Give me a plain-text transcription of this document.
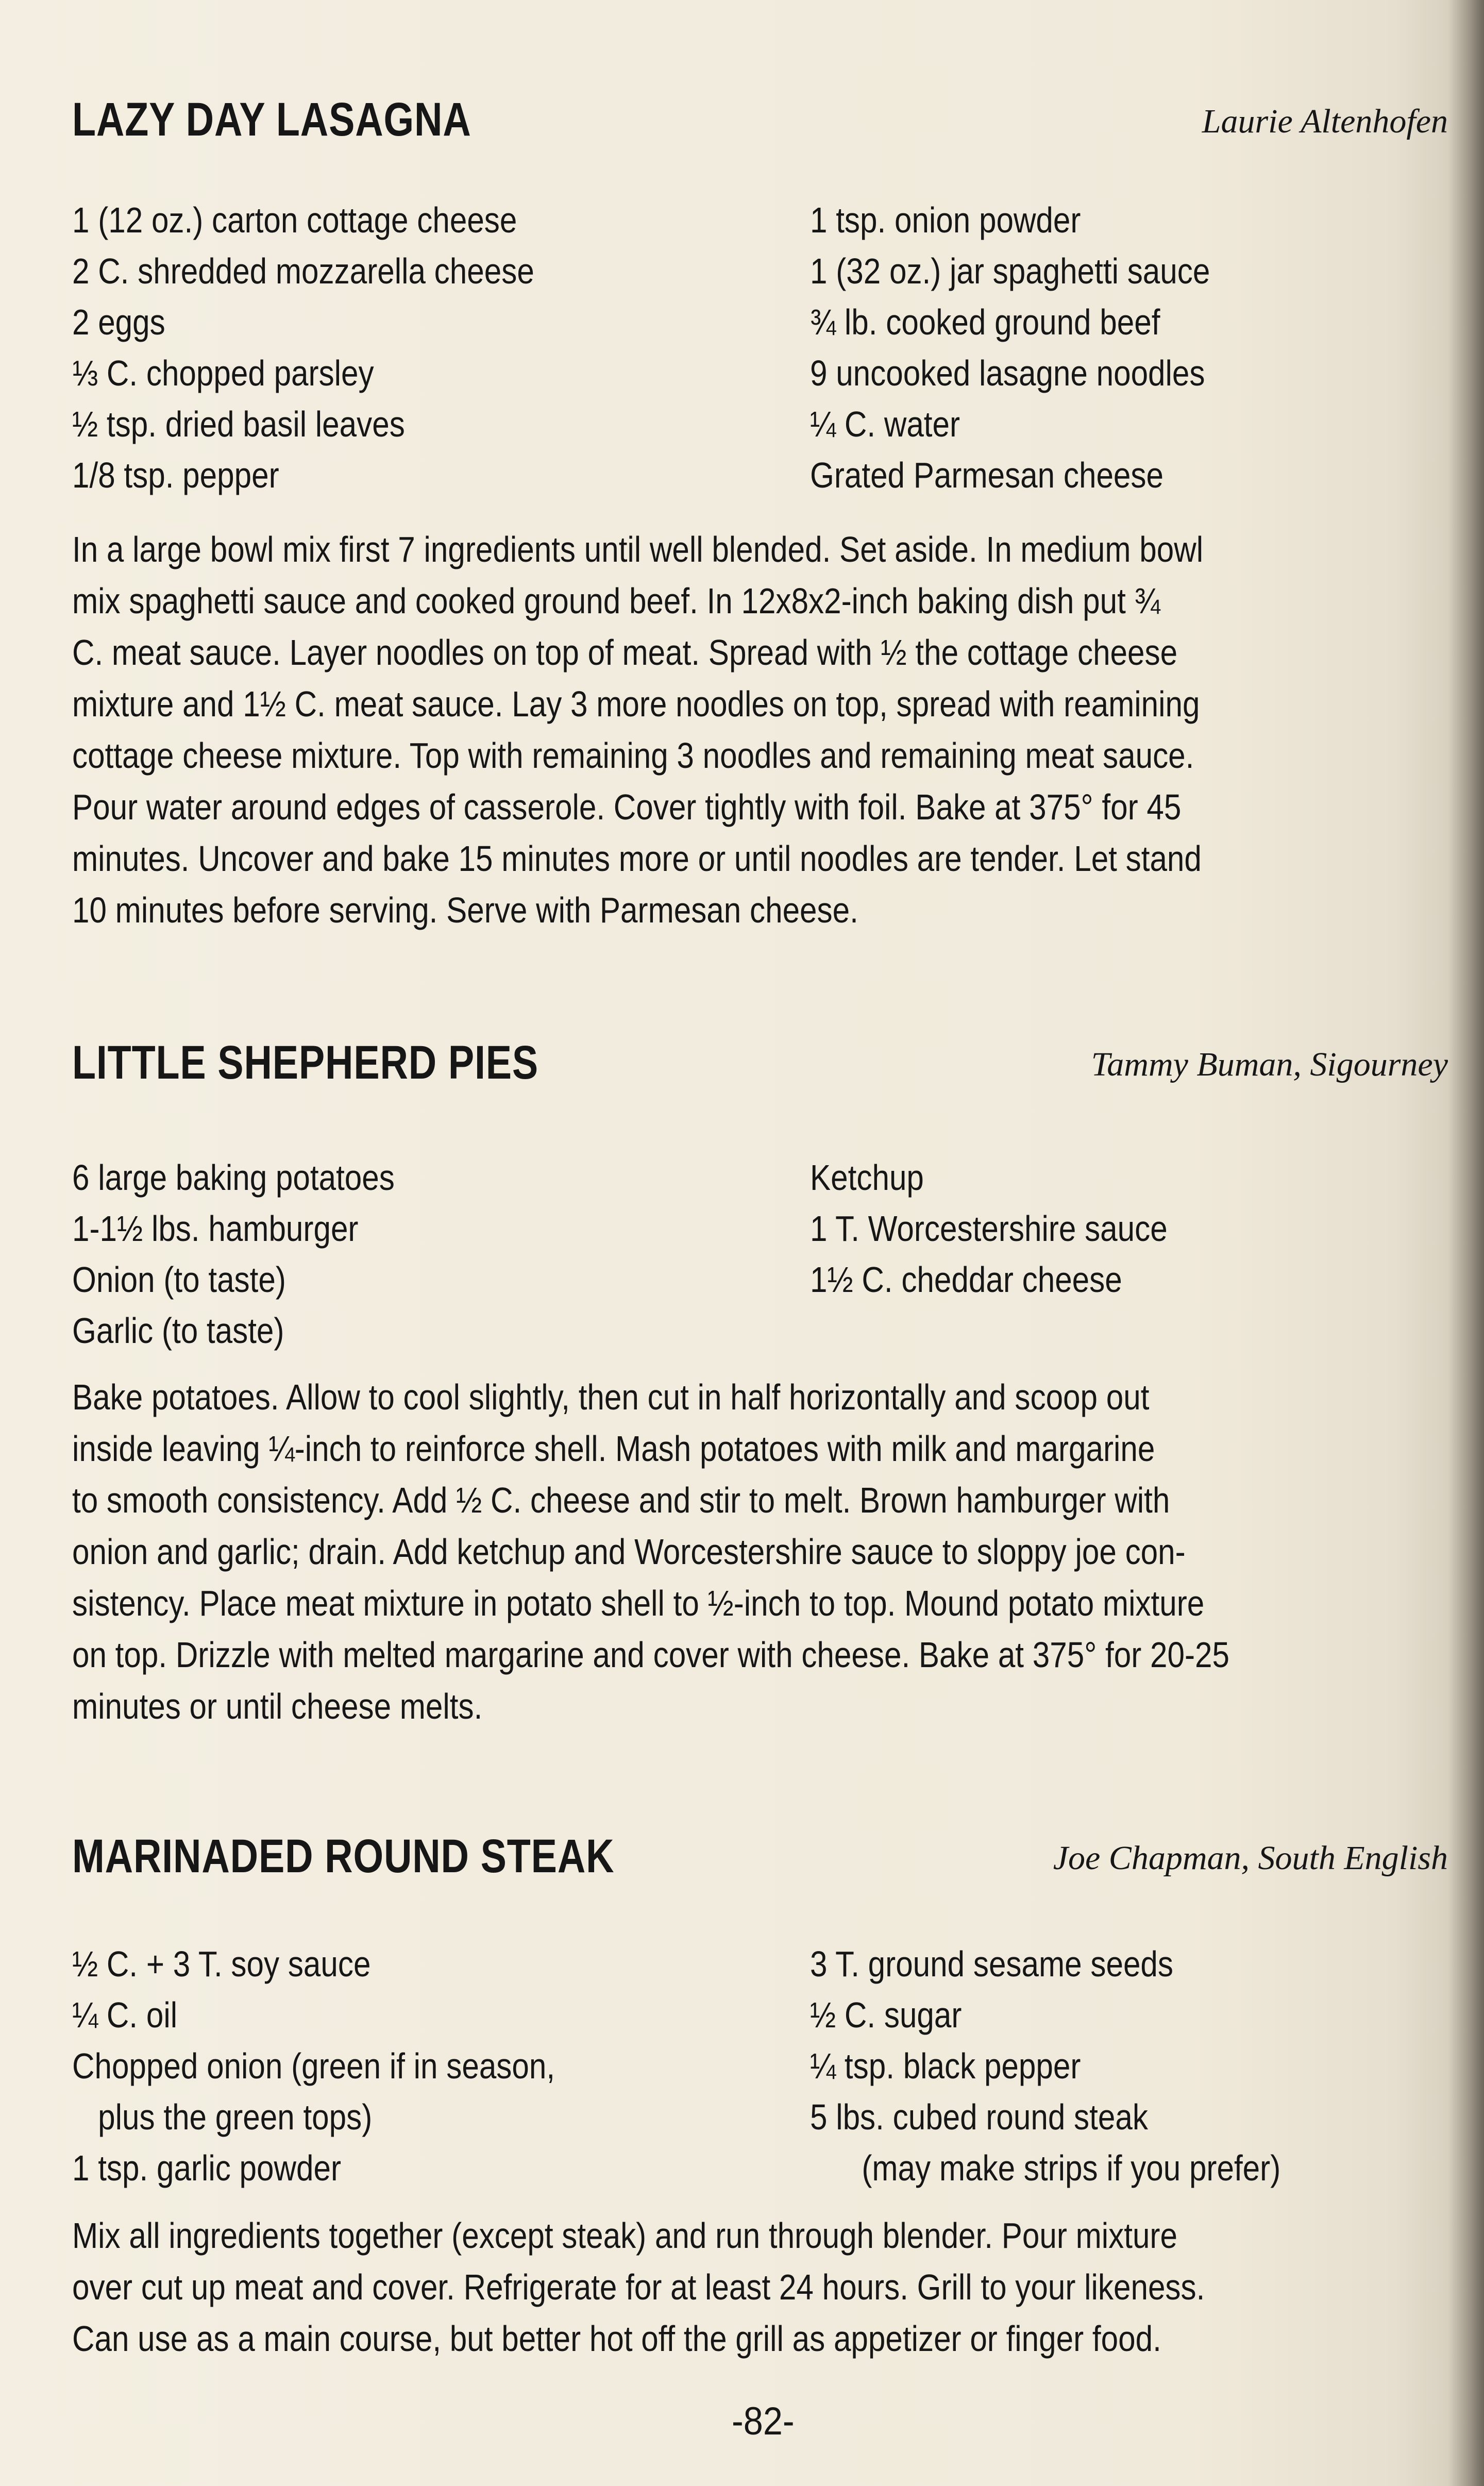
LAZY DAY LASAGNA	Laurie Altenhofen
1 (12 oz.) carton cottage cheese
2 C. shredded mozzarella cheese
2 eggs
⅓ C. chopped parsley
½ tsp. dried basil leaves
1/8 tsp. pepper
1 tsp. onion powder
1 (32 oz.) jar spaghetti sauce
¾ lb. cooked ground beef
9 uncooked lasagne noodles
¼ C. water
Grated Parmesan cheese
In a large bowl mix first 7 ingredients until well blended. Set aside. In medium bowl
mix spaghetti sauce and cooked ground beef. In 12x8x2-inch baking dish put ¾
C. meat sauce. Layer noodles on top of meat. Spread with ½ the cottage cheese
mixture and 1½ C. meat sauce. Lay 3 more noodles on top, spread with reamining
cottage cheese mixture. Top with remaining 3 noodles and remaining meat sauce.
Pour water around edges of casserole. Cover tightly with foil. Bake at 375° for 45
minutes. Uncover and bake 15 minutes more or until noodles are tender. Let stand
10 minutes before serving. Serve with Parmesan cheese.
LITTLE SHEPHERD PIES	Tammy Buman, Sigourney
6 large baking potatoes
1-1½ lbs. hamburger
Onion (to taste)
Garlic (to taste)
Ketchup
1 T. Worcestershire sauce
1½ C. cheddar cheese
Bake potatoes. Allow to cool slightly, then cut in half horizontally and scoop out
inside leaving ¼-inch to reinforce shell. Mash potatoes with milk and margarine
to smooth consistency. Add ½ C. cheese and stir to melt. Brown hamburger with
onion and garlic; drain. Add ketchup and Worcestershire sauce to sloppy joe con-
sistency. Place meat mixture in potato shell to ½-inch to top. Mound potato mixture
on top. Drizzle with melted margarine and cover with cheese. Bake at 375° for 20-25
minutes or until cheese melts.
MARINADED ROUND STEAK	Joe Chapman, South English
½ C. + 3 T. soy sauce
¼ C. oil
Chopped onion (green if in season,
plus the green tops)
1 tsp. garlic powder
3 T. ground sesame seeds
½ C. sugar
¼ tsp. black pepper
5 lbs. cubed round steak
(may make strips if you prefer)
Mix all ingredients together (except steak) and run through blender. Pour mixture
over cut up meat and cover. Refrigerate for at least 24 hours. Grill to your likeness.
Can use as a main course, but better hot off the grill as appetizer or finger food.
-82-
